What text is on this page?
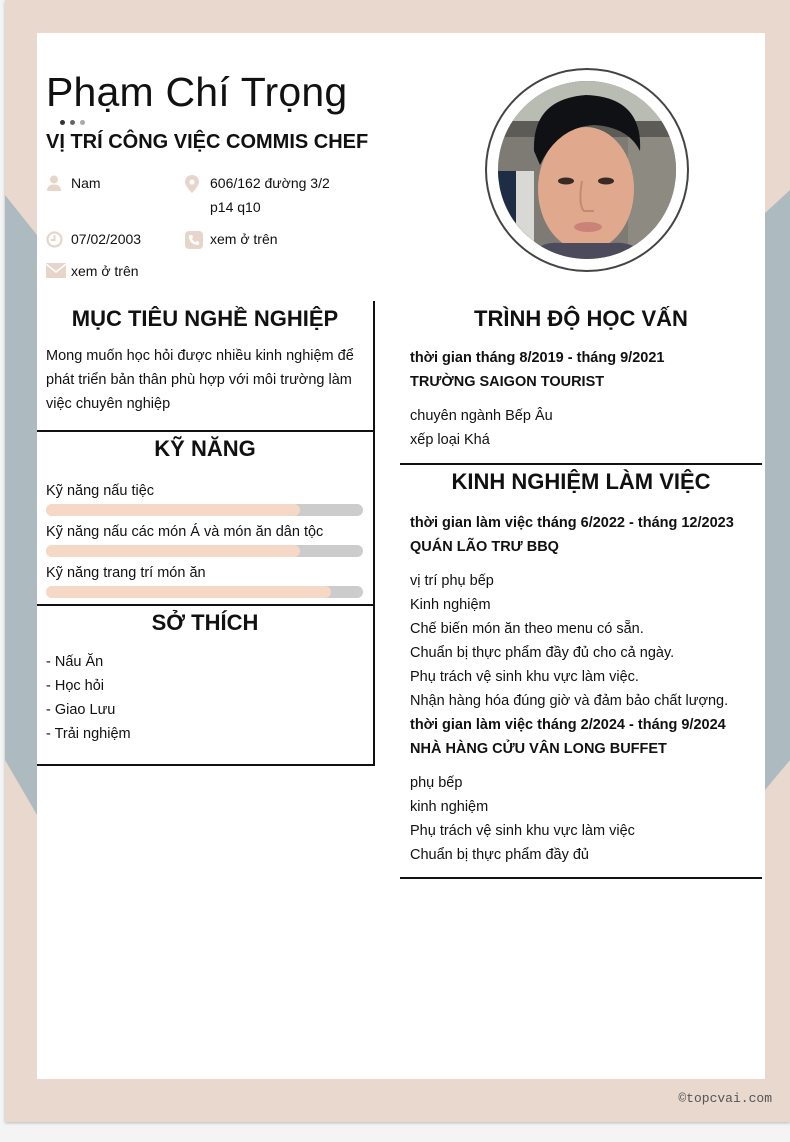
Phạm Chí Trọng
VỊ TRÍ CÔNG VIỆC COMMIS CHEF
Nam	606/162 đường 3/2
p14 q10
07/02/2003	xem ở trên
xem ở trên
MỤC TIÊU NGHỀ NGHIỆP
Mong muốn học hỏi được nhiều kinh nghiệm để phát triển bản thân phù hợp với môi trường làm việc chuyên nghiệp
KỸ NĂNG
Kỹ năng nấu tiệc
Kỹ năng nấu các món Á và món ăn dân tộc
Kỹ năng trang trí món ăn
SỞ THÍCH
- Nấu Ăn
- Học hỏi
- Giao Lưu
- Trải nghiệm
TRÌNH ĐỘ HỌC VẤN
thời gian tháng 8/2019 - tháng 9/2021
TRƯỜNG SAIGON TOURIST
chuyên ngành Bếp Âu
xếp loại Khá
KINH NGHIỆM LÀM VIỆC
thời gian làm việc tháng 6/2022 - tháng 12/2023
QUÁN LÃO TRƯ BBQ
vị trí phụ bếp
Kinh nghiệm
Chế biến món ăn theo menu có sẵn.
Chuẩn bị thực phẩm đầy đủ cho cả ngày.
Phụ trách vệ sinh khu vực làm việc.
Nhận hàng hóa đúng giờ và đảm bảo chất lượng.
thời gian làm việc tháng 2/2024 - tháng 9/2024
NHÀ HÀNG CỬU VÂN LONG BUFFET
phụ bếp
kinh nghiệm
Phụ trách vệ sinh khu vực làm việc
Chuẩn bị thực phẩm đầy đủ
©topcvai.com
